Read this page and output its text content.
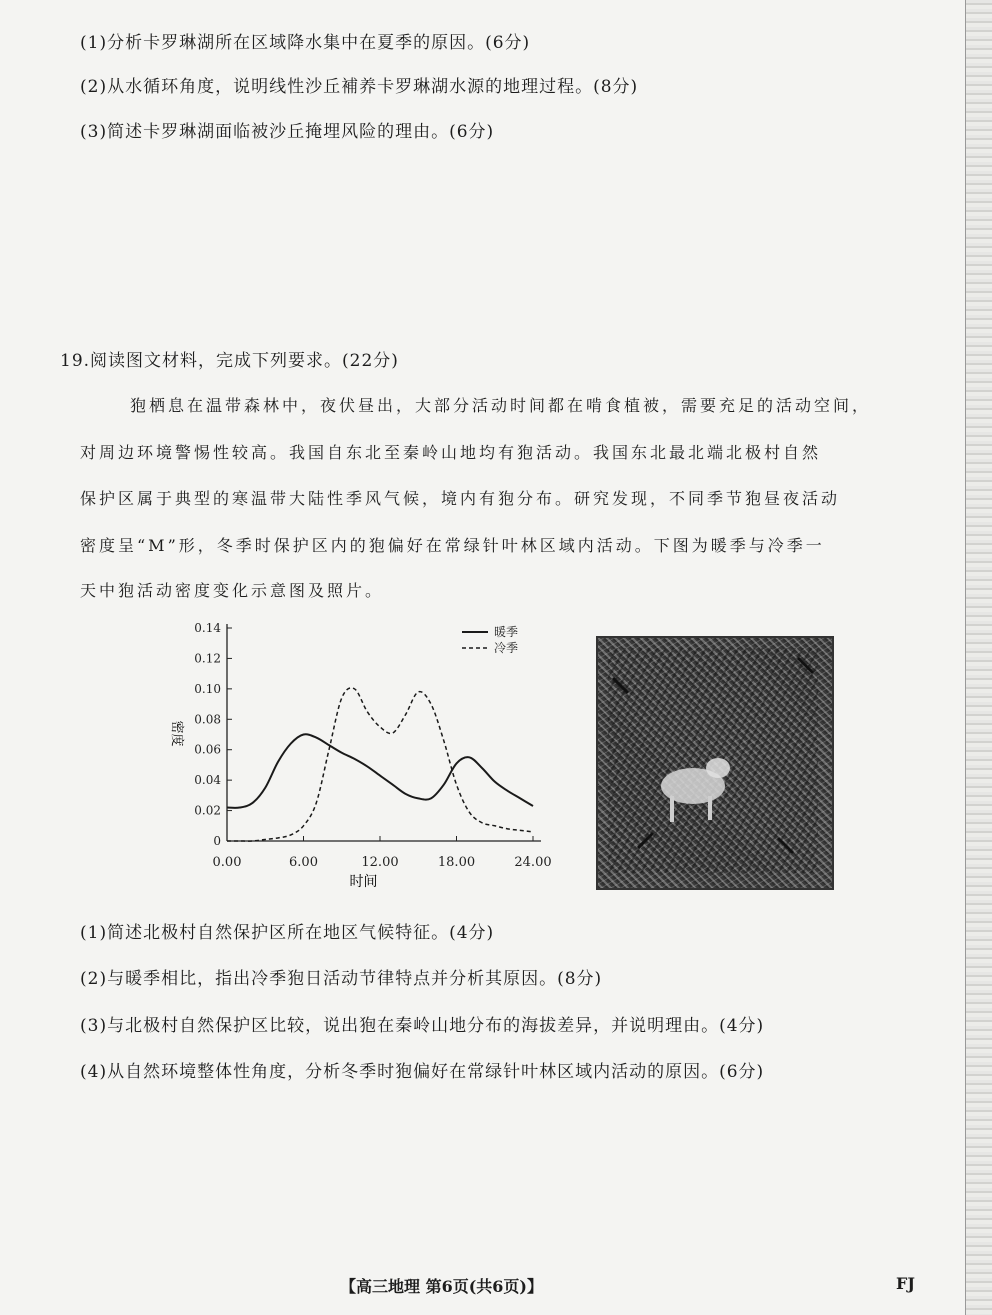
(1)分析卡罗琳湖所在区域降水集中在夏季的原因。(6分)
(2)从水循环角度，说明线性沙丘補养卡罗琳湖水源的地理过程。(8分)
(3)简述卡罗琳湖面临被沙丘掩埋风险的理由。(6分)
19.阅读图文材料，完成下列要求。(22分)
狍栖息在温带森林中，夜伏昼出，大部分活动时间都在啃食植被，需要充足的活动空间，
对周边环境警惕性较高。我国自东北至秦岭山地均有狍活动。我国东北最北端北极村自然
保护区属于典型的寒温带大陆性季风气候，境内有狍分布。研究发现，不同季节狍昼夜活动
密度呈“M”形，冬季时保护区内的狍偏好在常绿针叶林区域内活动。下图为暖季与冷季一
天中狍活动密度变化示意图及照片。
0
0.02
0.04
0.06
0.08
0.10
0.12
0.14
0.00	6.00	12.00	18.00	24.00
暖季
冷季
密度
时间
(1)简述北极村自然保护区所在地区气候特征。(4分)
(2)与暖季相比，指出冷季狍日活动节律特点并分析其原因。(8分)
(3)与北极村自然保护区比较，说出狍在秦岭山地分布的海拔差异，并说明理由。(4分)
(4)从自然环境整体性角度，分析冬季时狍偏好在常绿针叶林区域内活动的原因。(6分)
【高三地理 第6页(共6页)】	FJ
